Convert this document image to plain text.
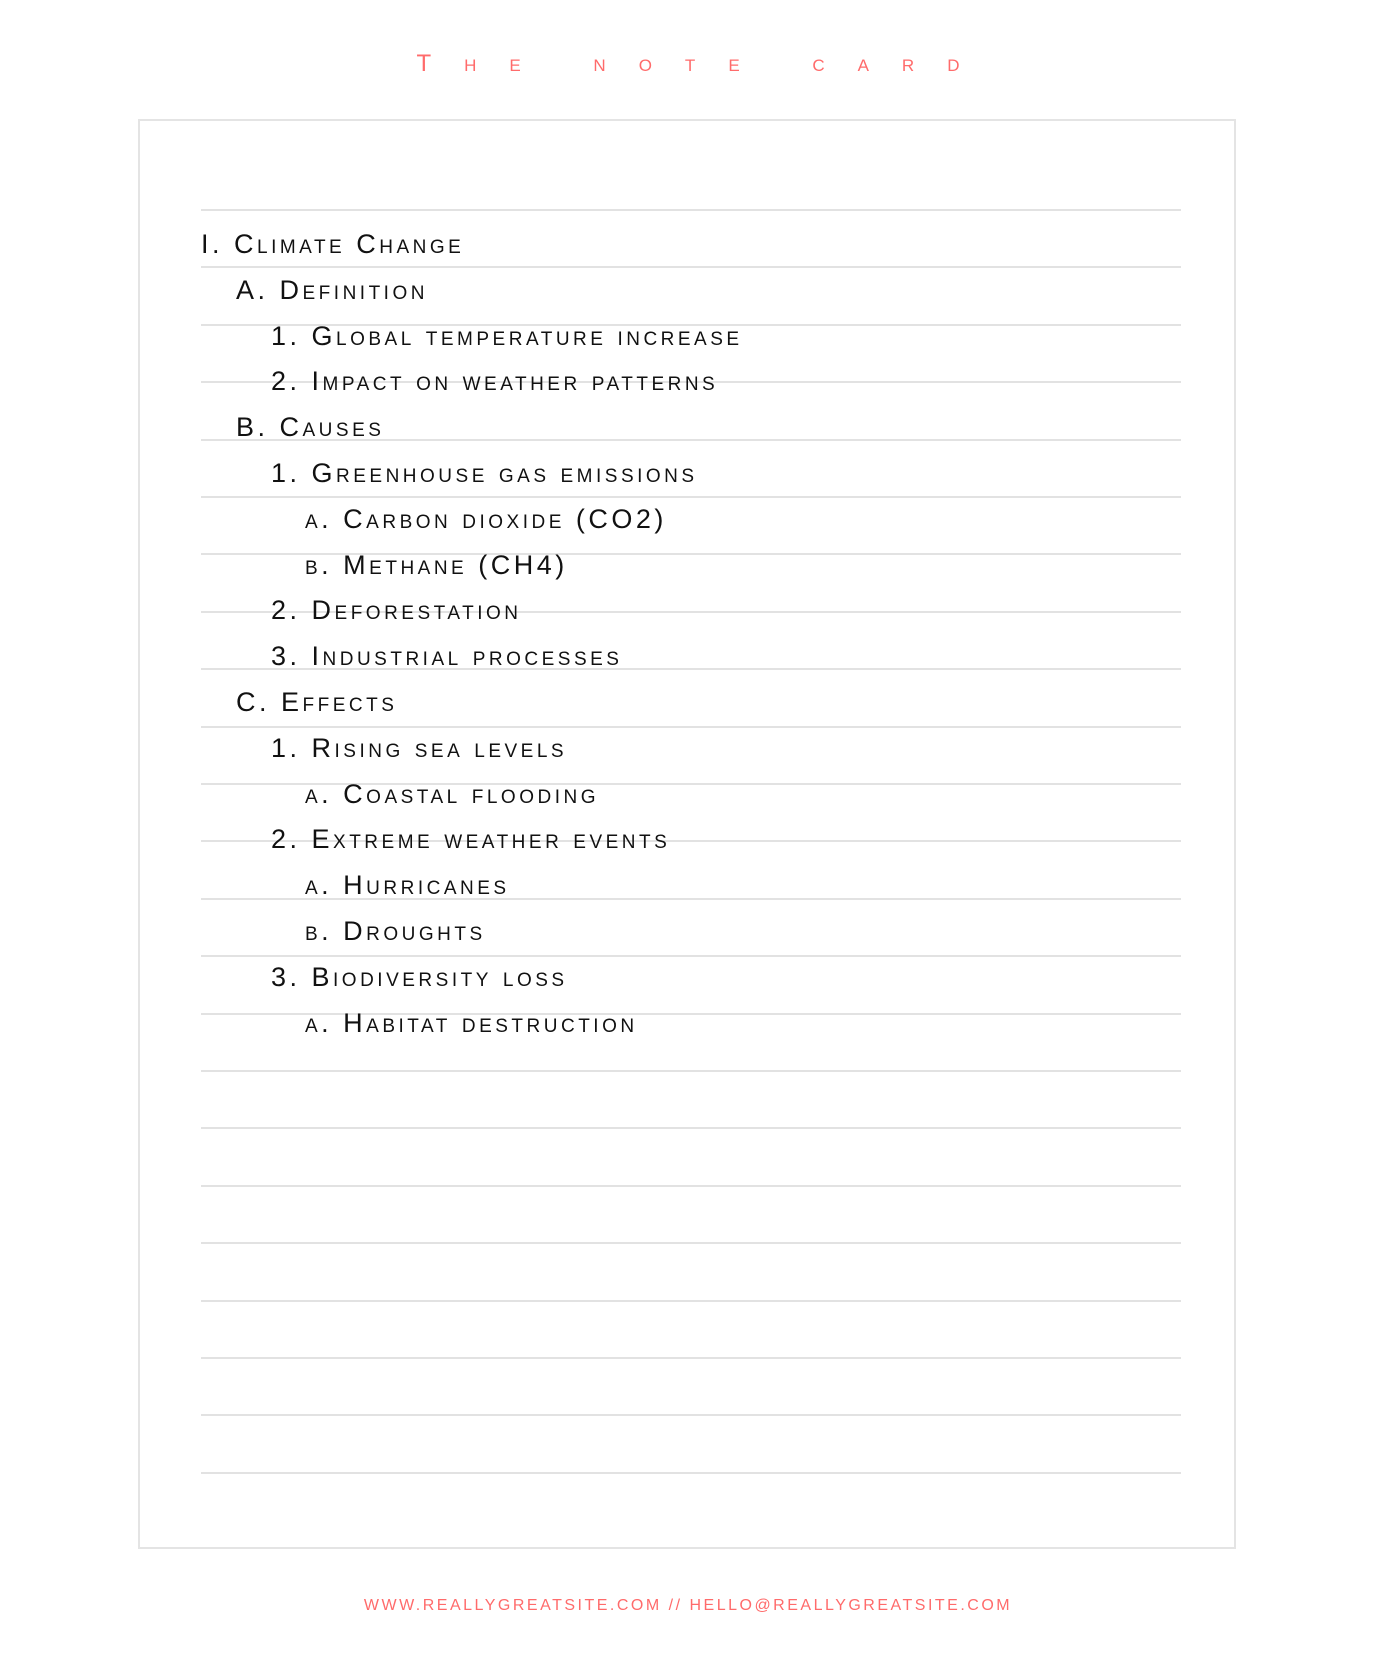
The note card
I. Climate Change
A. Definition
1. Global temperature increase
2. Impact on weather patterns
B. Causes
1. Greenhouse gas emissions
a. Carbon dioxide (CO2)
b. Methane (CH4)
2. Deforestation
3. Industrial processes
C. Effects
1. Rising sea levels
a. Coastal flooding
2. Extreme weather events
a. Hurricanes
b. Droughts
3. Biodiversity loss
a. Habitat destruction
WWW.REALLYGREATSITE.COM // HELLO@REALLYGREATSITE.COM
